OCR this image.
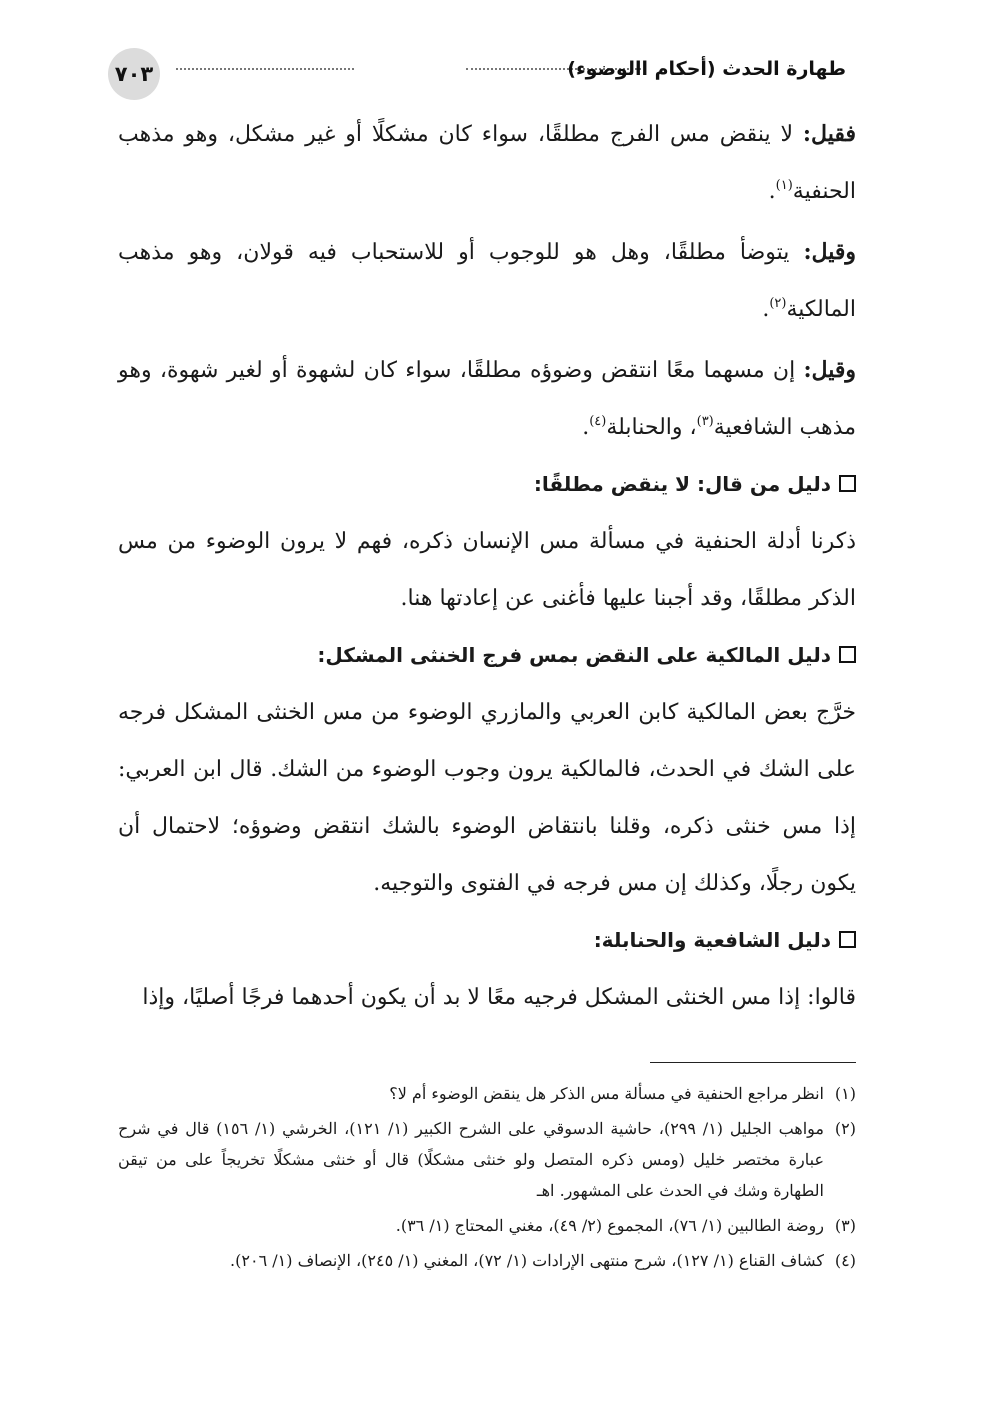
٧٠٣	طهارة الحدث (أحكام االوضوء)

فقيل: لا ينقض مس الفرج مطلقًا، سواء كان مشكلًا أو غير مشكل، وهو مذهب الحنفية$^{(١)}$.

وقيل: يتوضأ مطلقًا، وهل هو للوجوب أو للاستحباب فيه قولان، وهو مذهب المالكية$^{(٢)}$.

وقيل: إن مسهما معًا انتقض وضوؤه مطلقًا، سواء كان لشهوة أو لغير شهوة، وهو مذهب الشافعية$^{(٣)}$، والحنابلة$^{(٤)}$.

دليل من قال: لا ينقض مطلقًا:

ذكرنا أدلة الحنفية في مسألة مس الإنسان ذكره، فهم لا يرون الوضوء من مس الذكر مطلقًا، وقد أجبنا عليها فأغنى عن إعادتها هنا.

دليل المالكية على النقض بمس فرج الخنثى المشكل:

خرَّج بعض المالكية كابن العربي والمازري الوضوء من مس الخنثى المشكل فرجه على الشك في الحدث، فالمالكية يرون وجوب الوضوء من الشك. قال ابن العربي: إذا مس خنثى ذكره، وقلنا بانتقاض الوضوء بالشك انتقض وضوؤه؛ لاحتمال أن يكون رجلًا، وكذلك إن مس فرجه في الفتوى والتوجيه.

دليل الشافعية والحنابلة:

قالوا: إذا مس الخنثى المشكل فرجيه معًا لا بد أن يكون أحدهما فرجًا أصليًا، وإذا

(١)
انظر مراجع الحنفية في مسألة مس الذكر هل ينقض الوضوء أم لا؟

(٢)
مواهب الجليل (١/ ٢٩٩)، حاشية الدسوقي على الشرح الكبير (١/ ١٢١)، الخرشي (١/ ١٥٦) قال في شرح عبارة مختصر خليل (ومس ذكره المتصل ولو خنثى مشكلًا) قال أو خنثى مشكلًا تخريجاً على من تيقن الطهارة وشك في الحدث على المشهور. اهـ

(٣)
روضة الطالبين (١/ ٧٦)، المجموع (٢/ ٤٩)، مغني المحتاج (١/ ٣٦).

(٤)
كشاف القناع (١/ ١٢٧)، شرح منتهى الإرادات (١/ ٧٢)، المغني (١/ ٢٤٥)، الإنصاف (١/ ٢٠٦).
